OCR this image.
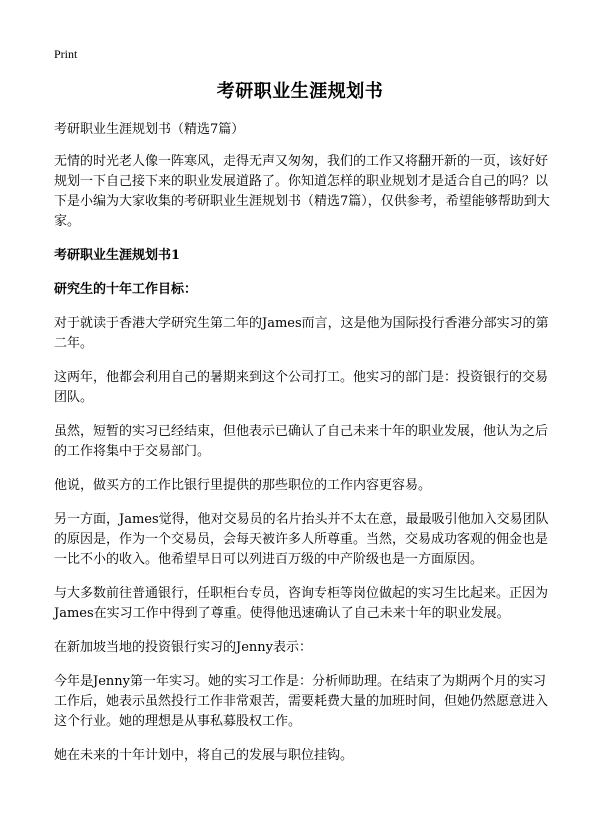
Print
考研职业生涯规划书

考研职业生涯规划书（精选7篇）

无情的时光老人像一阵寒风，走得无声又匆匆，我们的工作又将翻开新的一页，该好好规划一下自己接下来的职业发展道路了。你知道怎样的职业规划才是适合自己的吗？以下是小编为大家收集的考研职业生涯规划书（精选7篇），仅供参考，希望能够帮助到大家。

考研职业生涯规划书1

研究生的十年工作目标：

对于就读于香港大学研究生第二年的James而言，这是他为国际投行香港分部实习的第二年。

这两年，他都会利用自己的暑期来到这个公司打工。他实习的部门是：投资银行的交易团队。

虽然，短暂的实习已经结束，但他表示已确认了自己未来十年的职业发展，他认为之后的工作将集中于交易部门。

他说，做买方的工作比银行里提供的那些职位的工作内容更容易。

另一方面，James觉得，他对交易员的名片抬头并不太在意，最最吸引他加入交易团队的原因是，作为一个交易员，会每天被许多人所尊重。当然，交易成功客观的佣金也是一比不小的收入。他希望早日可以列进百万级的中产阶级也是一方面原因。

与大多数前往普通银行，任职柜台专员，咨询专柜等岗位做起的实习生比起来。正因为James在实习工作中得到了尊重。使得他迅速确认了自己未来十年的职业发展。

在新加坡当地的投资银行实习的Jenny表示：

今年是Jenny第一年实习。她的实习工作是：分析师助理。在结束了为期两个月的实习工作后，她表示虽然投行工作非常艰苦，需要耗费大量的加班时间，但她仍然愿意进入这个行业。她的理想是从事私募股权工作。

她在未来的十年计划中，将自己的发展与职位挂钩。
